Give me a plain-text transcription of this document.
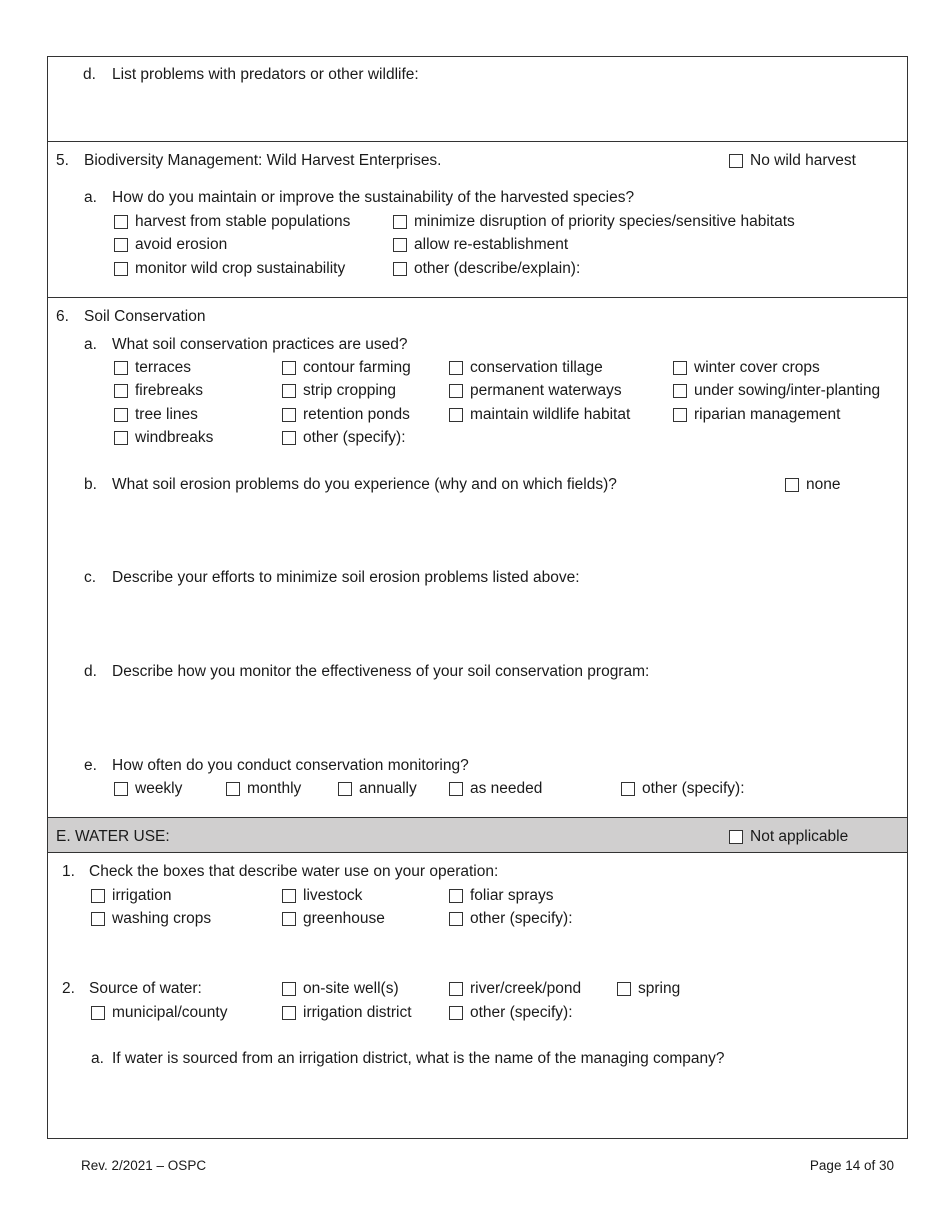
d. List problems with predators or other wildlife:
5. Biodiversity Management: Wild Harvest Enterprises.	No wild harvest
a. How do you maintain or improve the sustainability of the harvested species?
harvest from stable populations	minimize disruption of priority species/sensitive habitats
avoid erosion	allow re-establishment
monitor wild crop sustainability	other (describe/explain):
6. Soil Conservation
a. What soil conservation practices are used?
terraces	contour farming	conservation tillage	winter cover crops
firebreaks	strip cropping	permanent waterways	under sowing/inter-planting
tree lines	retention ponds	maintain wildlife habitat	riparian management
windbreaks	other (specify):
b. What soil erosion problems do you experience (why and on which fields)?	none
c. Describe your efforts to minimize soil erosion problems listed above:
d. Describe how you monitor the effectiveness of your soil conservation program:
e. How often do you conduct conservation monitoring?
weekly	monthly	annually	as needed	other (specify):
E. WATER USE:	Not applicable
1. Check the boxes that describe water use on your operation:
irrigation	livestock	foliar sprays
washing crops	greenhouse	other (specify):
2. Source of water:	on-site well(s)	river/creek/pond	spring
municipal/county	irrigation district	other (specify):
a. If water is sourced from an irrigation district, what is the name of the managing company?
Rev. 2/2021 – OSPC	Page 14 of 30
